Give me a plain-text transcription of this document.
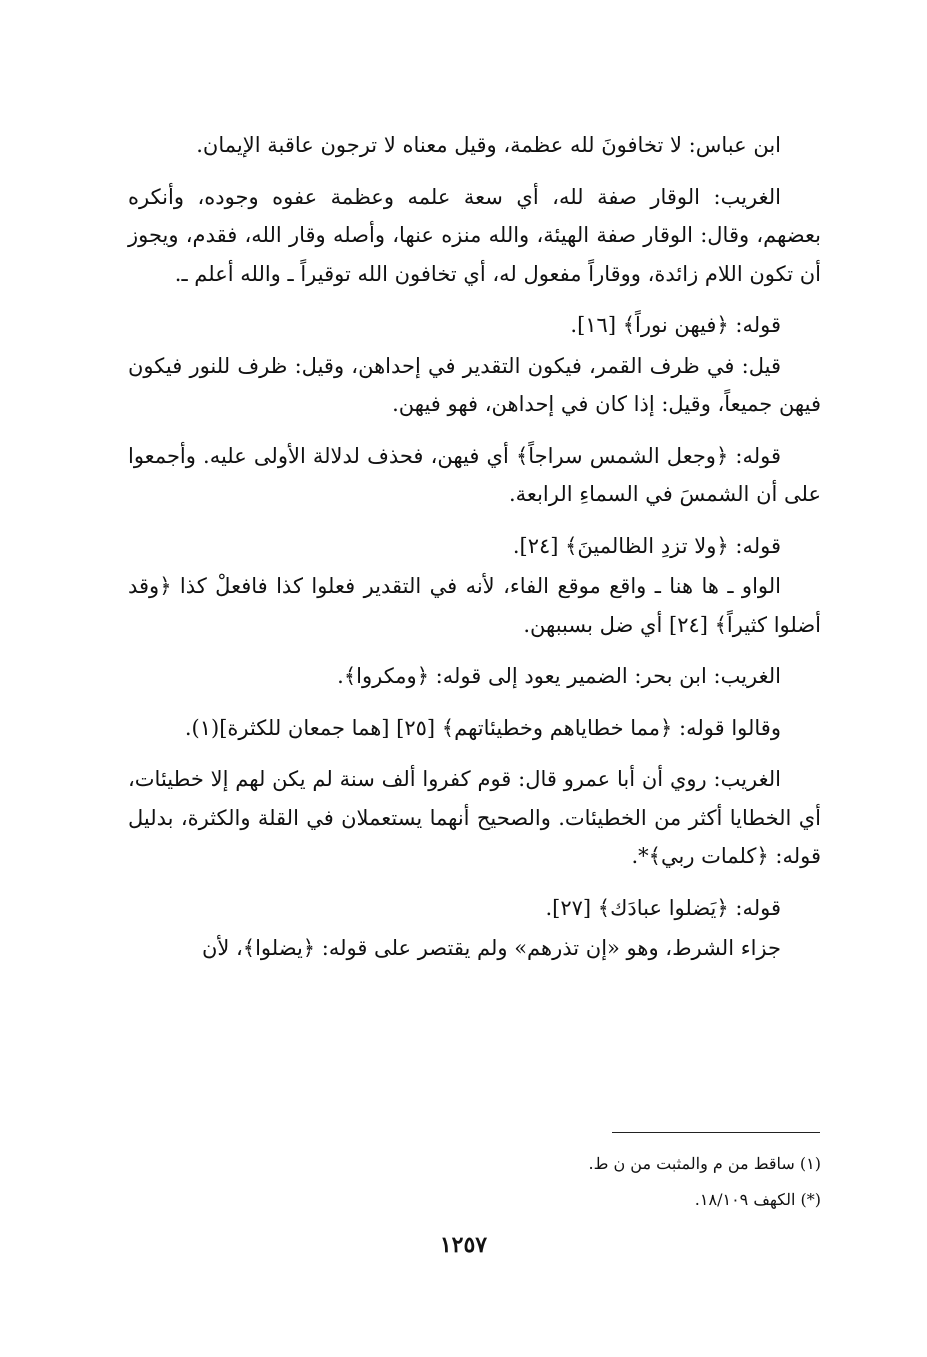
ابن عباس: لا تخافونَ لله عظمة، وقيل معناه لا ترجون عاقبة الإيمان.

الغريب: الوقار صفة لله، أي سعة علمه وعظمة عفوه وجوده، وأنكره بعضهم، وقال: الوقار صفة الهيئة، والله منزه عنها، وأصله وقار الله، فقدم، ويجوز أن تكون اللام زائدة، ووقاراً مفعول له، أي تخافون الله توقيراً ـ والله أعلم ـ.

قوله: ﴿فيهن نوراً﴾ [١٦].

قيل: في ظرف القمر، فيكون التقدير في إحداهن، وقيل: ظرف للنور فيكون فيهن جميعاً، وقيل: إذا كان في إحداهن، فهو فيهن.

قوله: ﴿وجعل الشمس سراجاً﴾ أي فيهن، فحذف لدلالة الأولى عليه. وأجمعوا على أن الشمسَ في السماءِ الرابعة.

قوله: ﴿ولا تزدِ الظالمينَ﴾ [٢٤].

الواو ـ ها هنا ـ واقع موقع الفاء، لأنه في التقدير فعلوا كذا فافعلْ كذا ﴿وقد أضلوا كثيراً﴾ [٢٤] أي ضل بسببهن.

الغريب: ابن بحر: الضمير يعود إلى قوله: ﴿ومكروا﴾.

وقالوا قوله: ﴿مما خطاياهم وخطيئاتهم﴾ [٢٥] [هما جمعان للكثرة](١).

الغريب: روي أن أبا عمرو قال: قوم كفروا ألف سنة لم يكن لهم إلا خطيئات، أي الخطايا أكثر من الخطيئات. والصحيح أنهما يستعملان في القلة والكثرة، بدليل قوله: ﴿كلمات ربي﴾*.

قوله: ﴿يَضلوا عبادَك﴾ [٢٧].

جزاء الشرط، وهو «إن تذرهم» ولم يقتصر على قوله: ﴿يضلوا﴾، لأن

(١) ساقط من م والمثبت من ن ط.
(*) الكهف ١٨/١٠٩.
١٢٥٧
